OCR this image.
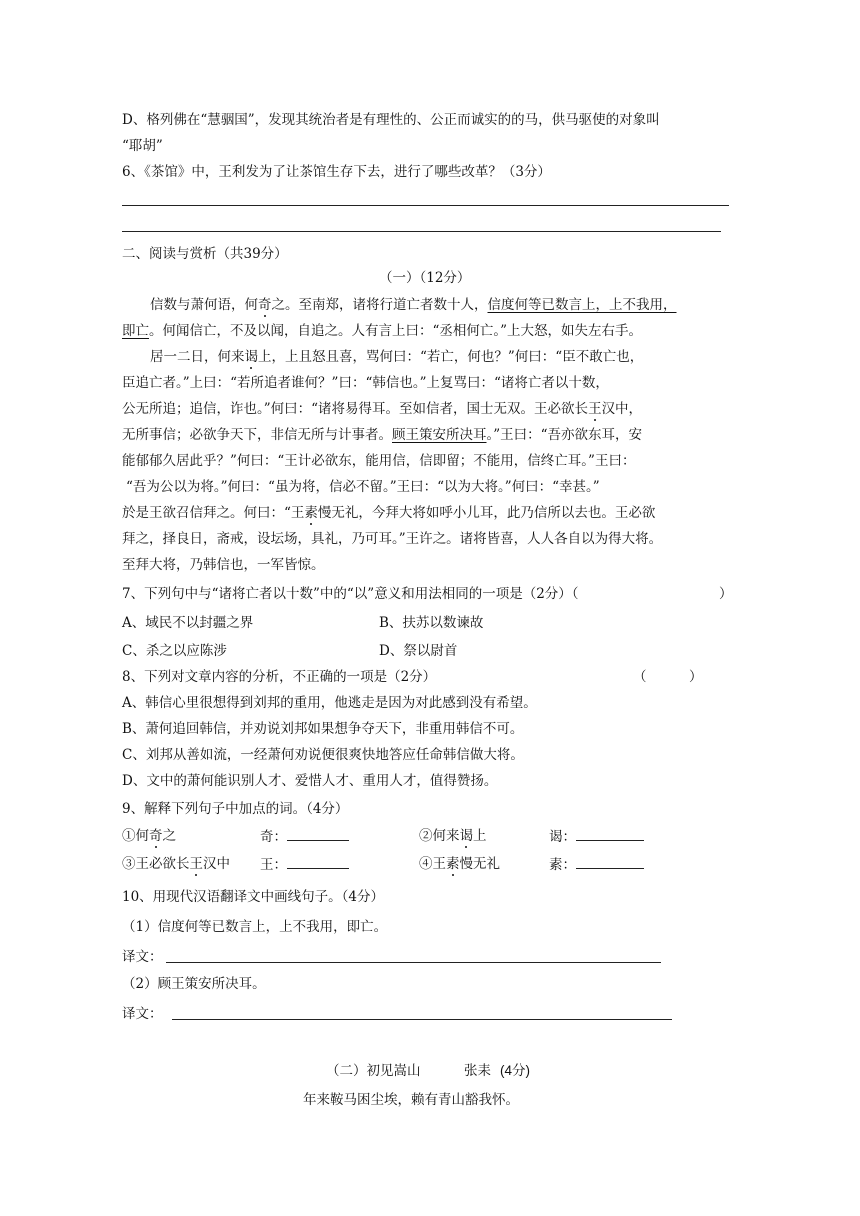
D、格列佛在“慧骃国”，发现其统治者是有理性的、公正而诚实的的马，供马驱使的对象叫
“耶胡”
6、《茶馆》中，王利发为了让茶馆生存下去，进行了哪些改革？（3分）
二、阅读与赏析（共39分）
（一）（12分）
信数与萧何语，何奇之。至南郑，诸将行道亡者数十人，信度何等已数言上，上不我用，
即亡。何闻信亡，不及以闻，自追之。人有言上曰：“丞相何亡。”上大怒，如失左右手。
居一二日，何来谒上，上且怒且喜，骂何曰：“若亡，何也？”何曰：“臣不敢亡也，
臣追亡者。”上曰：“若所追者谁何？”曰：“韩信也。”上复骂曰：“诸将亡者以十数，
公无所追；追信，诈也。”何曰：“诸将易得耳。至如信者，国士无双。王必欲长王汉中，
无所事信；必欲争天下，非信无所与计事者。顾王策安所决耳。”王曰：“吾亦欲东耳，安
能郁郁久居此乎？”何曰：“王计必欲东，能用信，信即留；不能用，信终亡耳。”王曰：
“吾为公以为将。”何曰：“虽为将，信必不留。”王曰：“以为大将。”何曰：“幸甚。”
於是王欲召信拜之。何曰：“王素慢无礼，今拜大将如呼小儿耳，此乃信所以去也。王必欲
拜之，择良日，斋戒，设坛场，具礼，乃可耳。”王许之。诸将皆喜，人人各自以为得大将。
至拜大将，乃韩信也，一军皆惊。
7、下列句中与“诸将亡者以十数”中的“以”意义和用法相同的一项是（2分）（	）
A、域民不以封疆之界	B、扶苏以数谏故
C、杀之以应陈涉	D、祭以尉首
8、下列对文章内容的分析，不正确的一项是（2分）	（	）
A、韩信心里很想得到刘邦的重用，他逃走是因为对此感到没有希望。
B、萧何追回韩信，并劝说刘邦如果想争夺天下，非重用韩信不可。
C、刘邦从善如流，一经萧何劝说便很爽快地答应任命韩信做大将。
D、文中的萧何能识别人才、爱惜人才、重用人才，值得赞扬。
9、解释下列句子中加点的词。（4分）
①何奇之	奇：	②何来谒上	谒：
③王必欲长王汉中 王：	④王素慢无礼	素：
10、用现代汉语翻译文中画线句子。（4分）
（1）信度何等已数言上，上不我用，即亡。
译文：
（2）顾王策安所决耳。
译文：
（二）初见嵩山	张耒 (4分)
年来鞍马困尘埃，赖有青山豁我怀。
